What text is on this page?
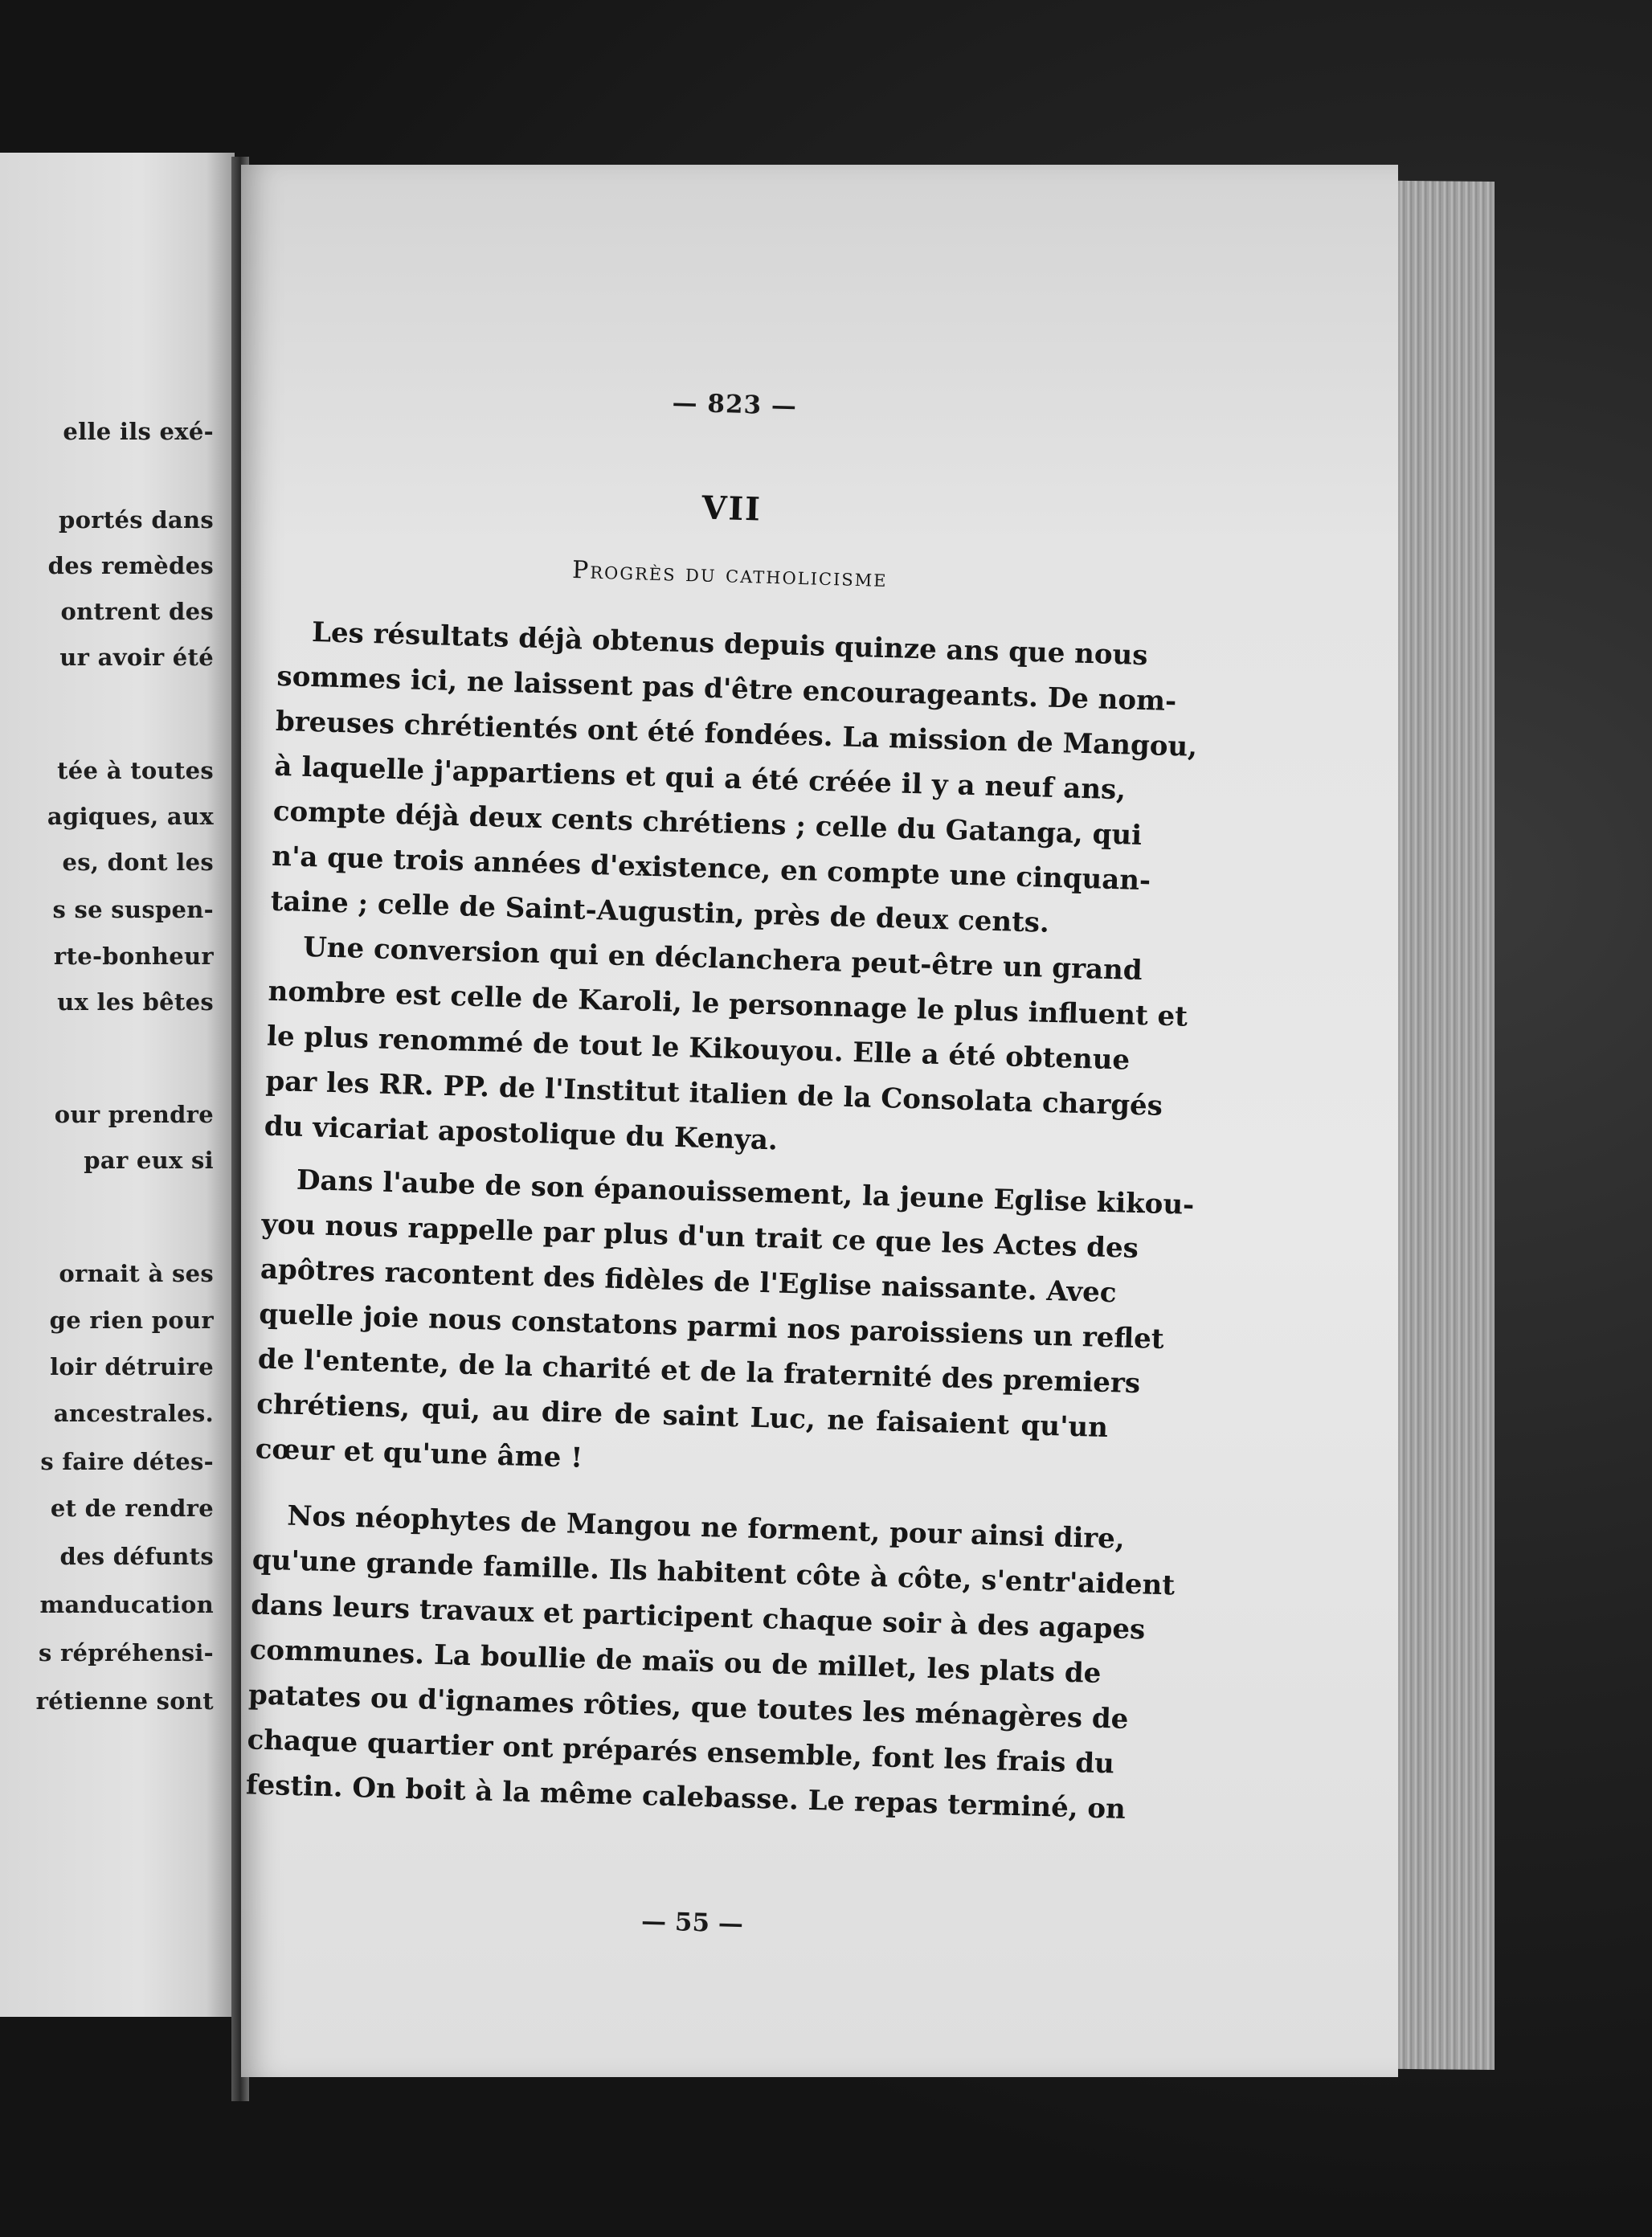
elle ils exé-
portés dans
des remèdes
ontrent des
ur avoir été
tée à toutes
agiques, aux
es, dont les
s se suspen-
rte-bonheur
ux les bêtes
our prendre
par eux si
ornait à ses
ge rien pour
loir détruire
ancestrales.
s faire détes-
et de rendre
des défunts
manducation
s répréhensi-
rétienne sont
— 823 —
VII
Progrès du catholicisme
Les résultats déjà obtenus depuis quinze ans que nous
sommes ici, ne laissent pas d'être encourageants. De nom-
breuses chrétientés ont été fondées. La mission de Mangou,
à laquelle j'appartiens et qui a été créée il y a neuf ans,
compte déjà deux cents chrétiens ; celle du Gatanga, qui
n'a que trois années d'existence, en compte une cinquan-
taine ; celle de Saint-Augustin, près de deux cents.
Une conversion qui en déclanchera peut-être un grand
nombre est celle de Karoli, le personnage le plus influent et
le plus renommé de tout le Kikouyou. Elle a été obtenue
par les RR. PP. de l'Institut italien de la Consolata chargés
du vicariat apostolique du Kenya.
Dans l'aube de son épanouissement, la jeune Eglise kikou-
you nous rappelle par plus d'un trait ce que les Actes des
apôtres racontent des fidèles de l'Eglise naissante. Avec
quelle joie nous constatons parmi nos paroissiens un reflet
de l'entente, de la charité et de la fraternité des premiers
chrétiens, qui, au dire de saint Luc, ne faisaient qu'un
cœur et qu'une âme !
Nos néophytes de Mangou ne forment, pour ainsi dire,
qu'une grande famille. Ils habitent côte à côte, s'entr'aident
dans leurs travaux et participent chaque soir à des agapes
communes. La boullie de maïs ou de millet, les plats de
patates ou d'ignames rôties, que toutes les ménagères de
chaque quartier ont préparés ensemble, font les frais du
festin. On boit à la même calebasse. Le repas terminé, on
— 55 —
